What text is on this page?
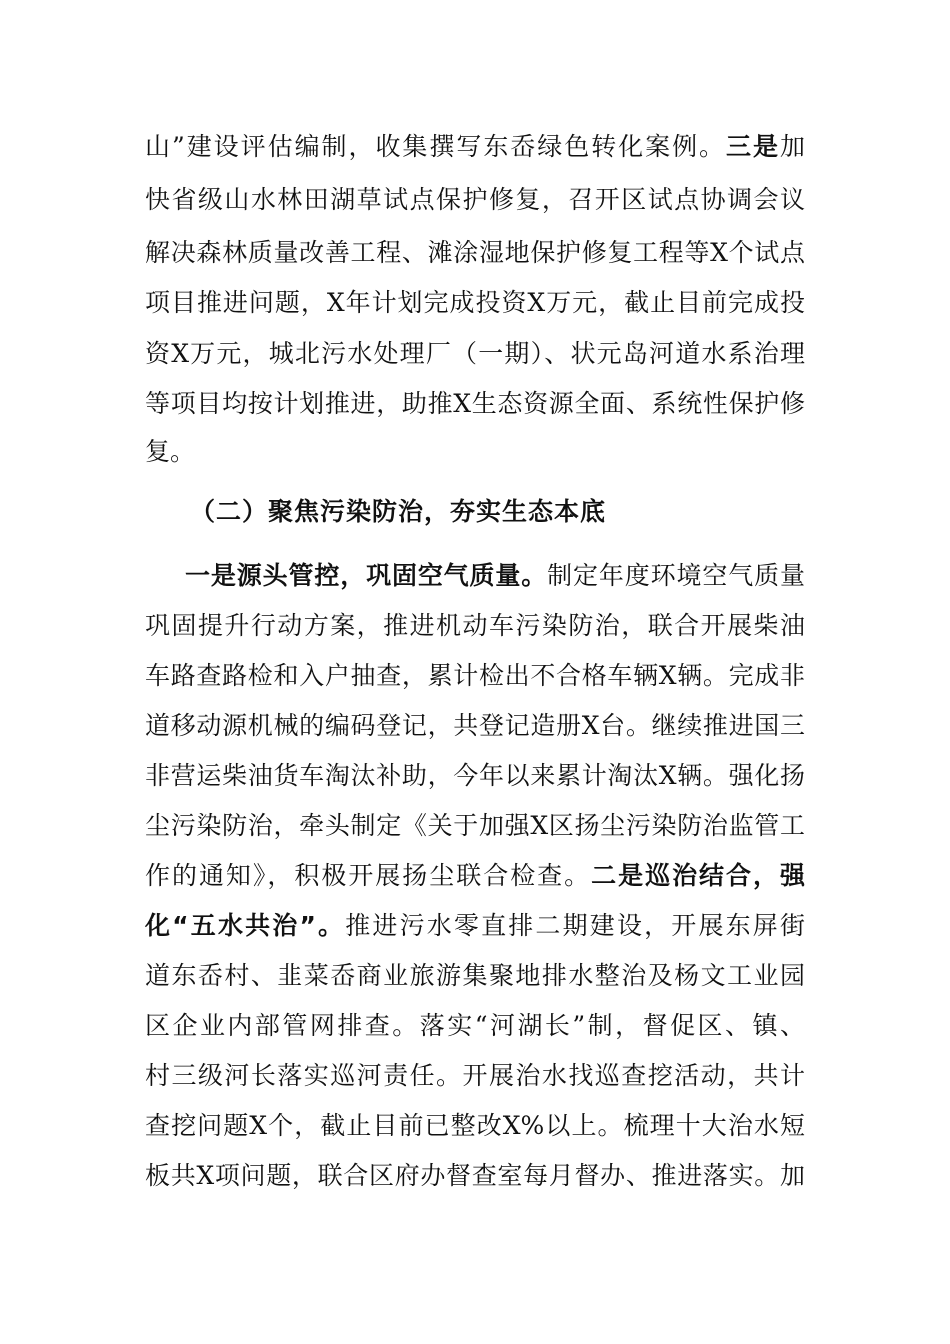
山”建设评估编制，收集撰写东岙绿色转化案例。三是加
快省级山水林田湖草试点保护修复，召开区试点协调会议
解决森林质量改善工程、滩涂湿地保护修复工程等X个试点
项目推进问题，X年计划完成投资X万元，截止目前完成投
资X万元，城北污水处理厂（一期）、状元岛河道水系治理
等项目均按计划推进，助推X生态资源全面、系统性保护修
复。
（二）聚焦污染防治，夯实生态本底
一是源头管控，巩固空气质量。制定年度环境空气质量
巩固提升行动方案，推进机动车污染防治，联合开展柴油
车路查路检和入户抽查，累计检出不合格车辆X辆。完成非
道移动源机械的编码登记，共登记造册X台。继续推进国三
非营运柴油货车淘汰补助，今年以来累计淘汰X辆。强化扬
尘污染防治，牵头制定《关于加强X区扬尘污染防治监管工
作的通知》，积极开展扬尘联合检查。二是巡治结合，强
化“五水共治”。推进污水零直排二期建设，开展东屏街
道东岙村、韭菜岙商业旅游集聚地排水整治及杨文工业园
区企业内部管网排查。落实“河湖长”制，督促区、镇、
村三级河长落实巡河责任。开展治水找巡查挖活动，共计
查挖问题X个，截止目前已整改X%以上。梳理十大治水短
板共X项问题，联合区府办督查室每月督办、推进落实。加
